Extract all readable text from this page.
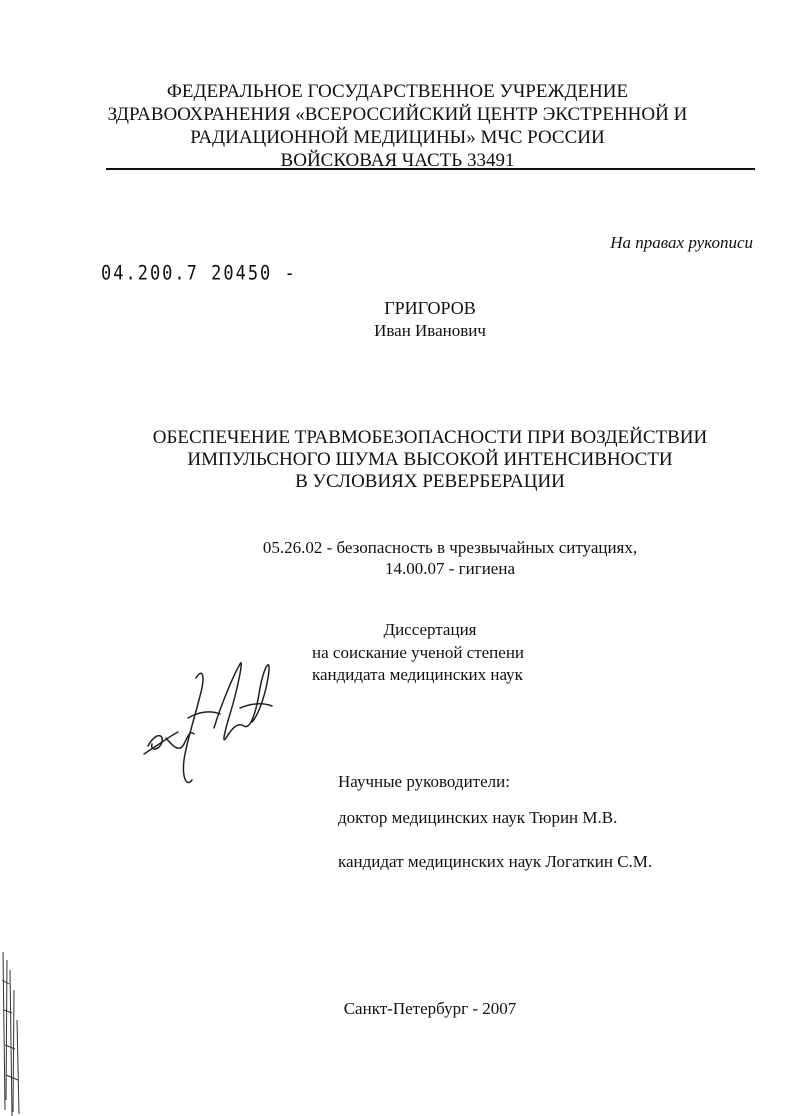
ФЕДЕРАЛЬНОЕ ГОСУДАРСТВЕННОЕ УЧРЕЖДЕНИЕ
ЗДРАВООХРАНЕНИЯ «ВСЕРОССИЙСКИЙ ЦЕНТР ЭКСТРЕННОЙ И
РАДИАЦИОННОЙ МЕДИЦИНЫ» МЧС РОССИИ
ВОЙСКОВАЯ ЧАСТЬ 33491
На правах рукописи
04.200.7 20450 -
ГРИГОРОВ
Иван Иванович
ОБЕСПЕЧЕНИЕ ТРАВМОБЕЗОПАСНОСТИ ПРИ ВОЗДЕЙСТВИИ
ИМПУЛЬСНОГО ШУМА ВЫСОКОЙ ИНТЕНСИВНОСТИ
В УСЛОВИЯХ РЕВЕРБЕРАЦИИ
05.26.02 - безопасность в чрезвычайных ситуациях,
14.00.07 - гигиена
Диссертация
на соискание ученой степени
кандидата медицинских наук
Научные руководители:
доктор медицинских наук Тюрин М.В.
кандидат медицинских наук Логаткин С.М.
Санкт-Петербург - 2007
